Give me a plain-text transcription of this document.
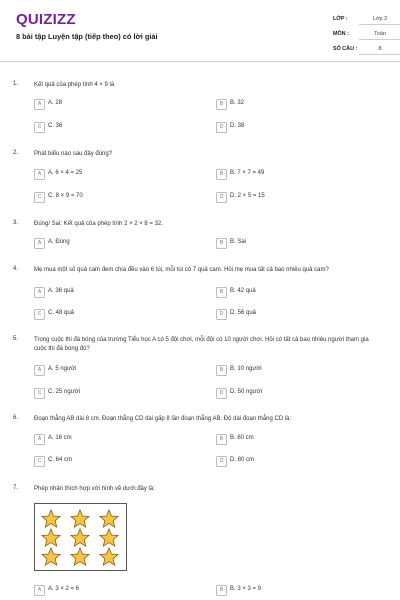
QUIZIZZ
8 bài tập Luyện tập (tiếp theo) có lời giải
LỚP :	Lớp 3
MÔN :	Toán
SỐ CÂU :	8
1.	Kết quả của phép tính 4 × 9 là
A	A. 28	B	B. 32
C	C. 36	D	D. 38
2.	Phát biểu nào sau đây đúng?
A	A. 6 × 4 = 25	B	B. 7 × 7 = 49
C	C. 8 × 9 = 70	D	D. 2 × 5 = 15
3.	Đúng/ Sai: Kết quả của phép tính 2 × 2 × 8 = 32.
A	A. Đúng	B	B. Sai
4.	Mẹ mua một số quả cam đem chia đều vào 6 túi, mỗi túi có 7 quả cam. Hỏi mẹ mua tất cả bao nhiêu quả cam?
A	A. 36 quả	B	B. 42 quả
C	C. 48 quả	D	D. 56 quả
5.	Trong cuộc thi đá bóng của trường Tiểu học A có 5 đội chơi, mỗi đội có 10 người chơi. Hỏi có tất cả bao nhiêu người tham gia cuộc thi đá bóng đó?
A	A. 5 người	B	B. 10 người
C	C. 25 người	D	D. 50 người
6.	Đoạn thẳng AB dài 8 cm. Đoạn thẳng CD dài gấp 8 lần đoạn thẳng AB. Độ dài đoạn thẳng CD là:
A	A. 16 cm	B	B. 60 cm
C	C. 64 cm	D	D. 80 cm
7.	Phép nhân thích hợp với hình vẽ dưới đây là:
A	A. 3 × 2 = 6	B	B. 3 × 3 = 9
